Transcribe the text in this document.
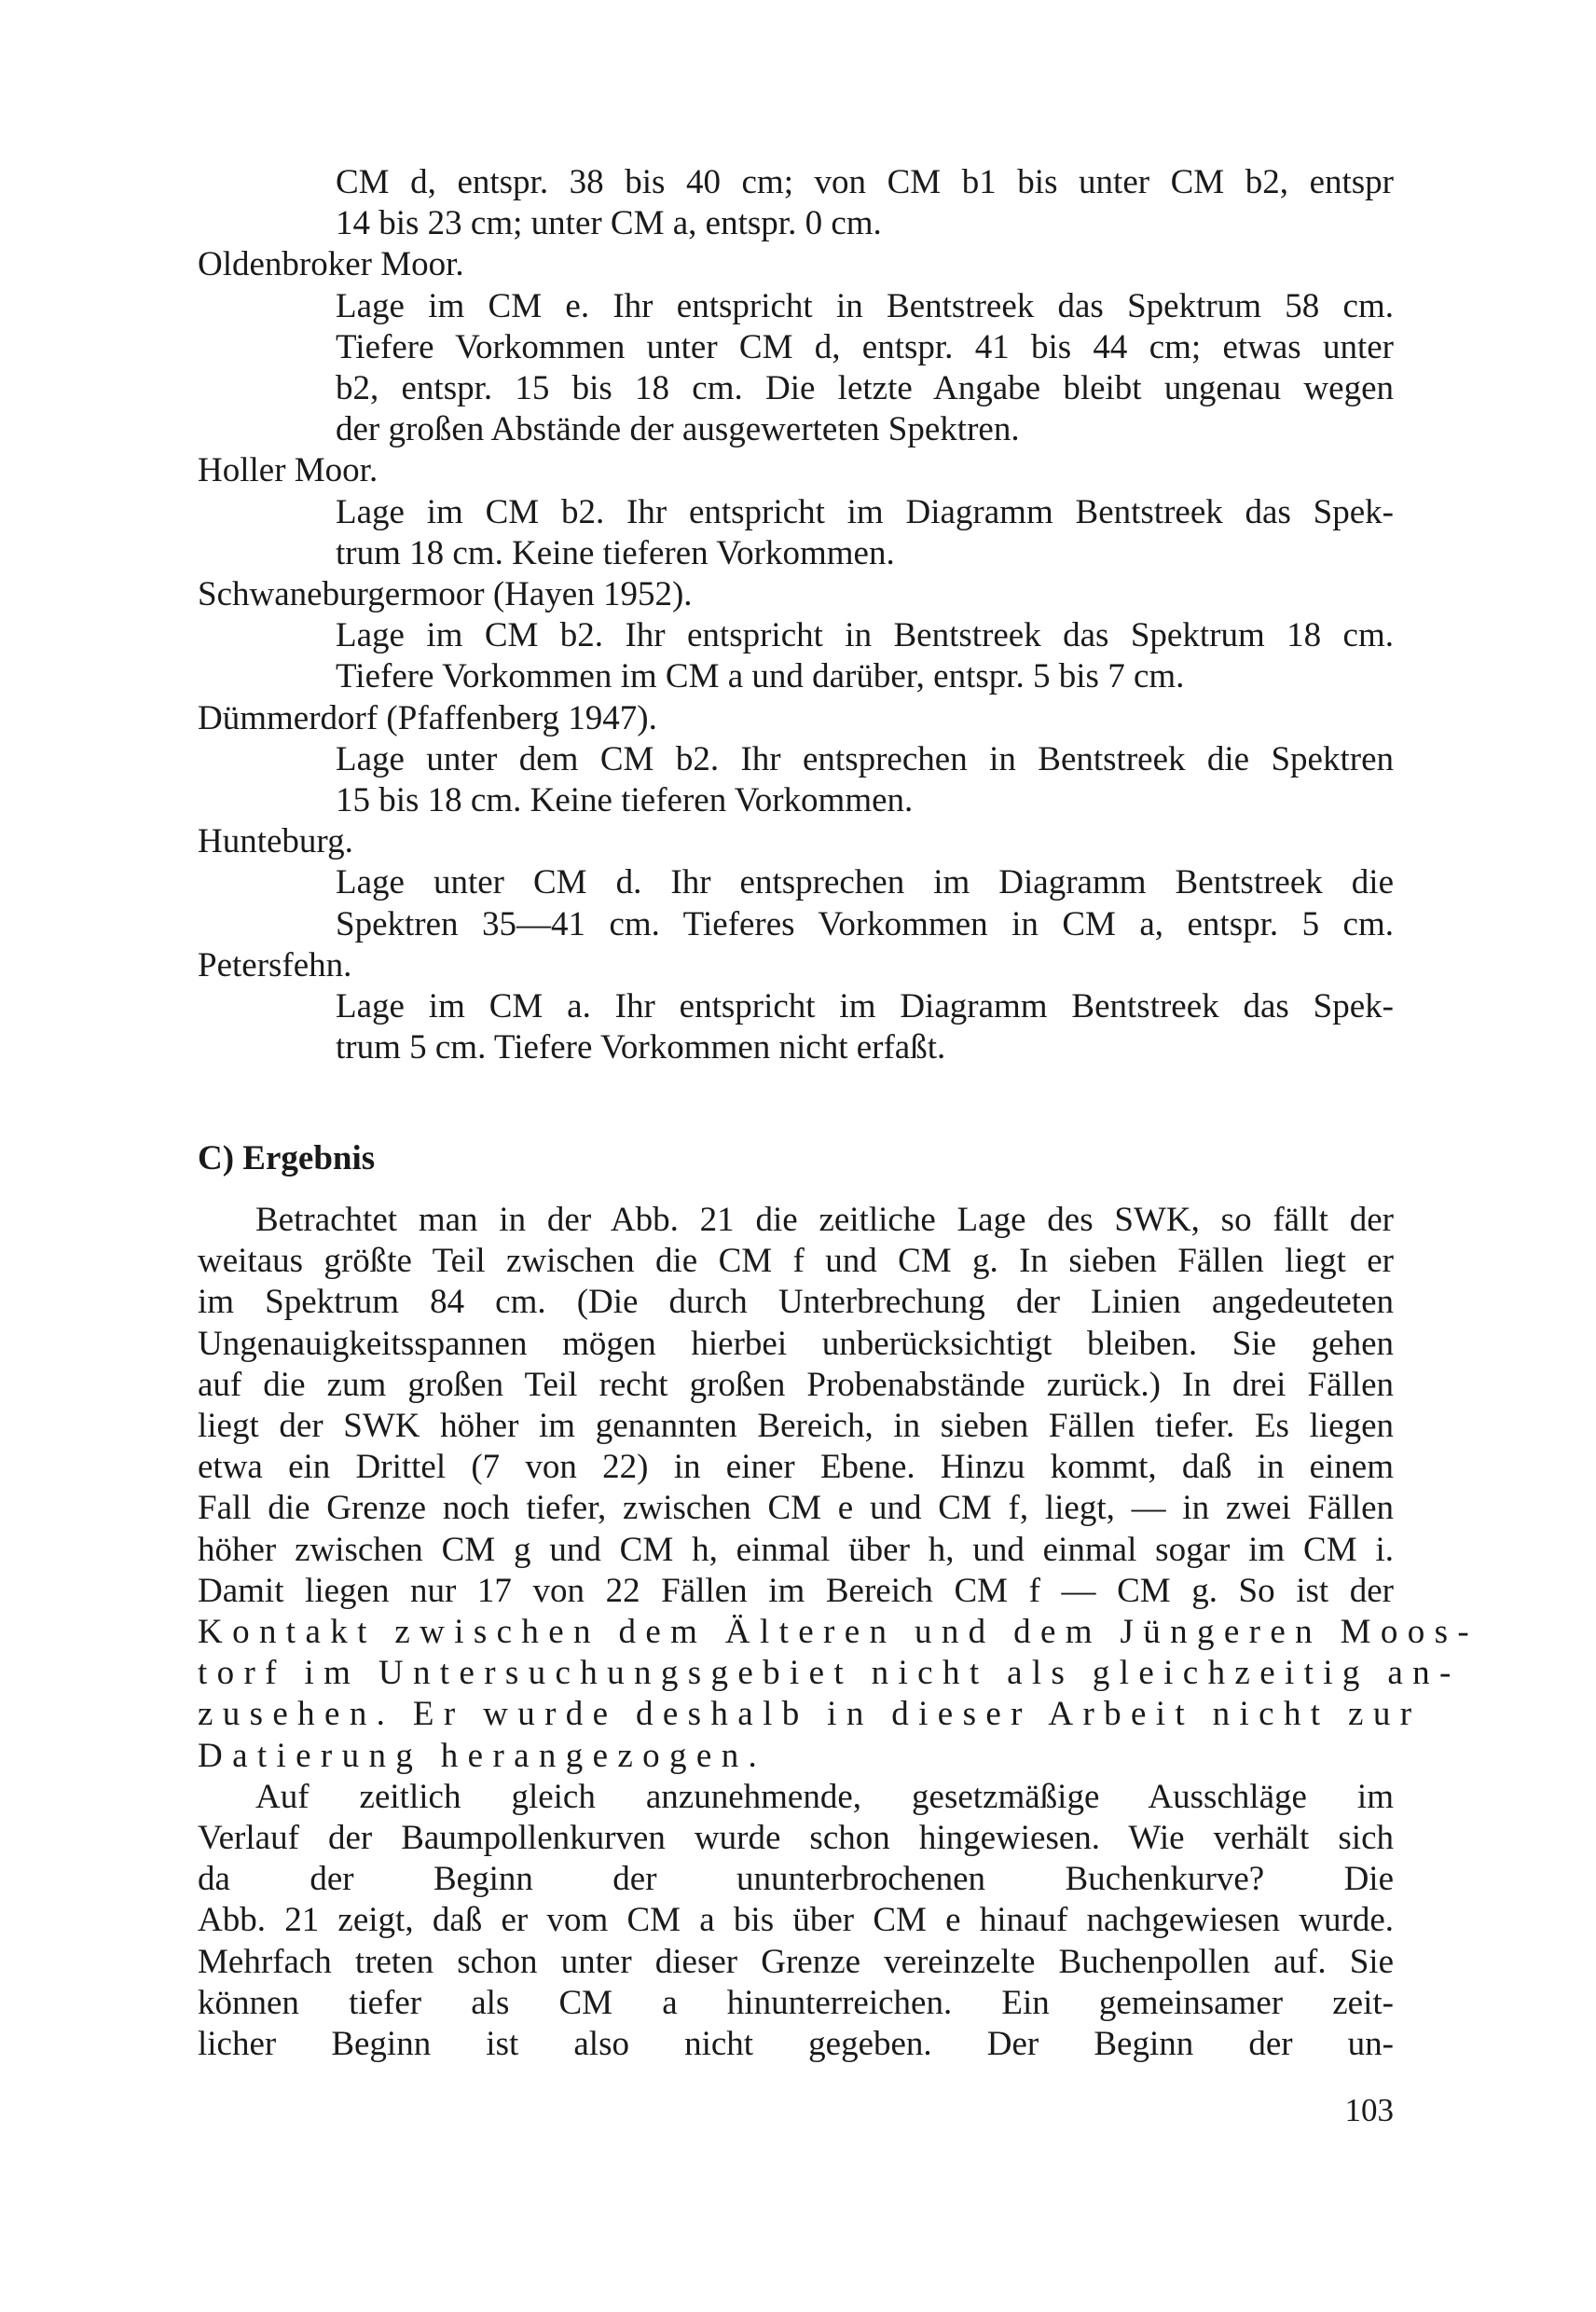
CM d, entspr. 38 bis 40 cm; von CM b1 bis unter CM b2, entspr
14 bis 23 cm; unter CM a, entspr. 0 cm.
Oldenbroker Moor.
Lage im CM e. Ihr entspricht in Bentstreek das Spektrum 58 cm.
Tiefere Vorkommen unter CM d, entspr. 41 bis 44 cm; etwas unter
b2, entspr. 15 bis 18 cm. Die letzte Angabe bleibt ungenau wegen
der großen Abstände der ausgewerteten Spektren.
Holler Moor.
Lage im CM b2. Ihr entspricht im Diagramm Bentstreek das Spek-
trum 18 cm. Keine tieferen Vorkommen.
Schwaneburgermoor (Hayen 1952).
Lage im CM b2. Ihr entspricht in Bentstreek das Spektrum 18 cm.
Tiefere Vorkommen im CM a und darüber, entspr. 5 bis 7 cm.
Dümmerdorf (Pfaffenberg 1947).
Lage unter dem CM b2. Ihr entsprechen in Bentstreek die Spektren
15 bis 18 cm. Keine tieferen Vorkommen.
Hunteburg.
Lage unter CM d. Ihr entsprechen im Diagramm Bentstreek die
Spektren 35—41 cm. Tieferes Vorkommen in CM a, entspr. 5 cm.
Petersfehn.
Lage im CM a. Ihr entspricht im Diagramm Bentstreek das Spek-
trum 5 cm. Tiefere Vorkommen nicht erfaßt.
C) Ergebnis
Betrachtet man in der Abb. 21 die zeitliche Lage des SWK, so fällt der
weitaus größte Teil zwischen die CM f und CM g. In sieben Fällen liegt er
im Spektrum 84 cm. (Die durch Unterbrechung der Linien angedeuteten
Ungenauigkeitsspannen mögen hierbei unberücksichtigt bleiben. Sie gehen
auf die zum großen Teil recht großen Probenabstände zurück.) In drei Fällen
liegt der SWK höher im genannten Bereich, in sieben Fällen tiefer. Es liegen
etwa ein Drittel (7 von 22) in einer Ebene. Hinzu kommt, daß in einem
Fall die Grenze noch tiefer, zwischen CM e und CM f, liegt, — in zwei Fällen
höher zwischen CM g und CM h, einmal über h, und einmal sogar im CM i.
Damit liegen nur 17 von 22 Fällen im Bereich CM f — CM g. So ist der
Kontakt zwischen dem Älteren und dem Jüngeren Moos-
torf im Untersuchungsgebiet nicht als gleichzeitig an-
zusehen. Er wurde deshalb in dieser Arbeit nicht zur
Datierung herangezogen.
Auf zeitlich gleich anzunehmende, gesetzmäßige Ausschläge im
Verlauf der Baumpollenkurven wurde schon hingewiesen. Wie verhält sich
da der Beginn der ununterbrochenen Buchenkurve? Die
Abb. 21 zeigt, daß er vom CM a bis über CM e hinauf nachgewiesen wurde.
Mehrfach treten schon unter dieser Grenze vereinzelte Buchenpollen auf. Sie
können tiefer als CM a hinunterreichen. Ein gemeinsamer zeit-
licher Beginn ist also nicht gegeben. Der Beginn der un-
103
